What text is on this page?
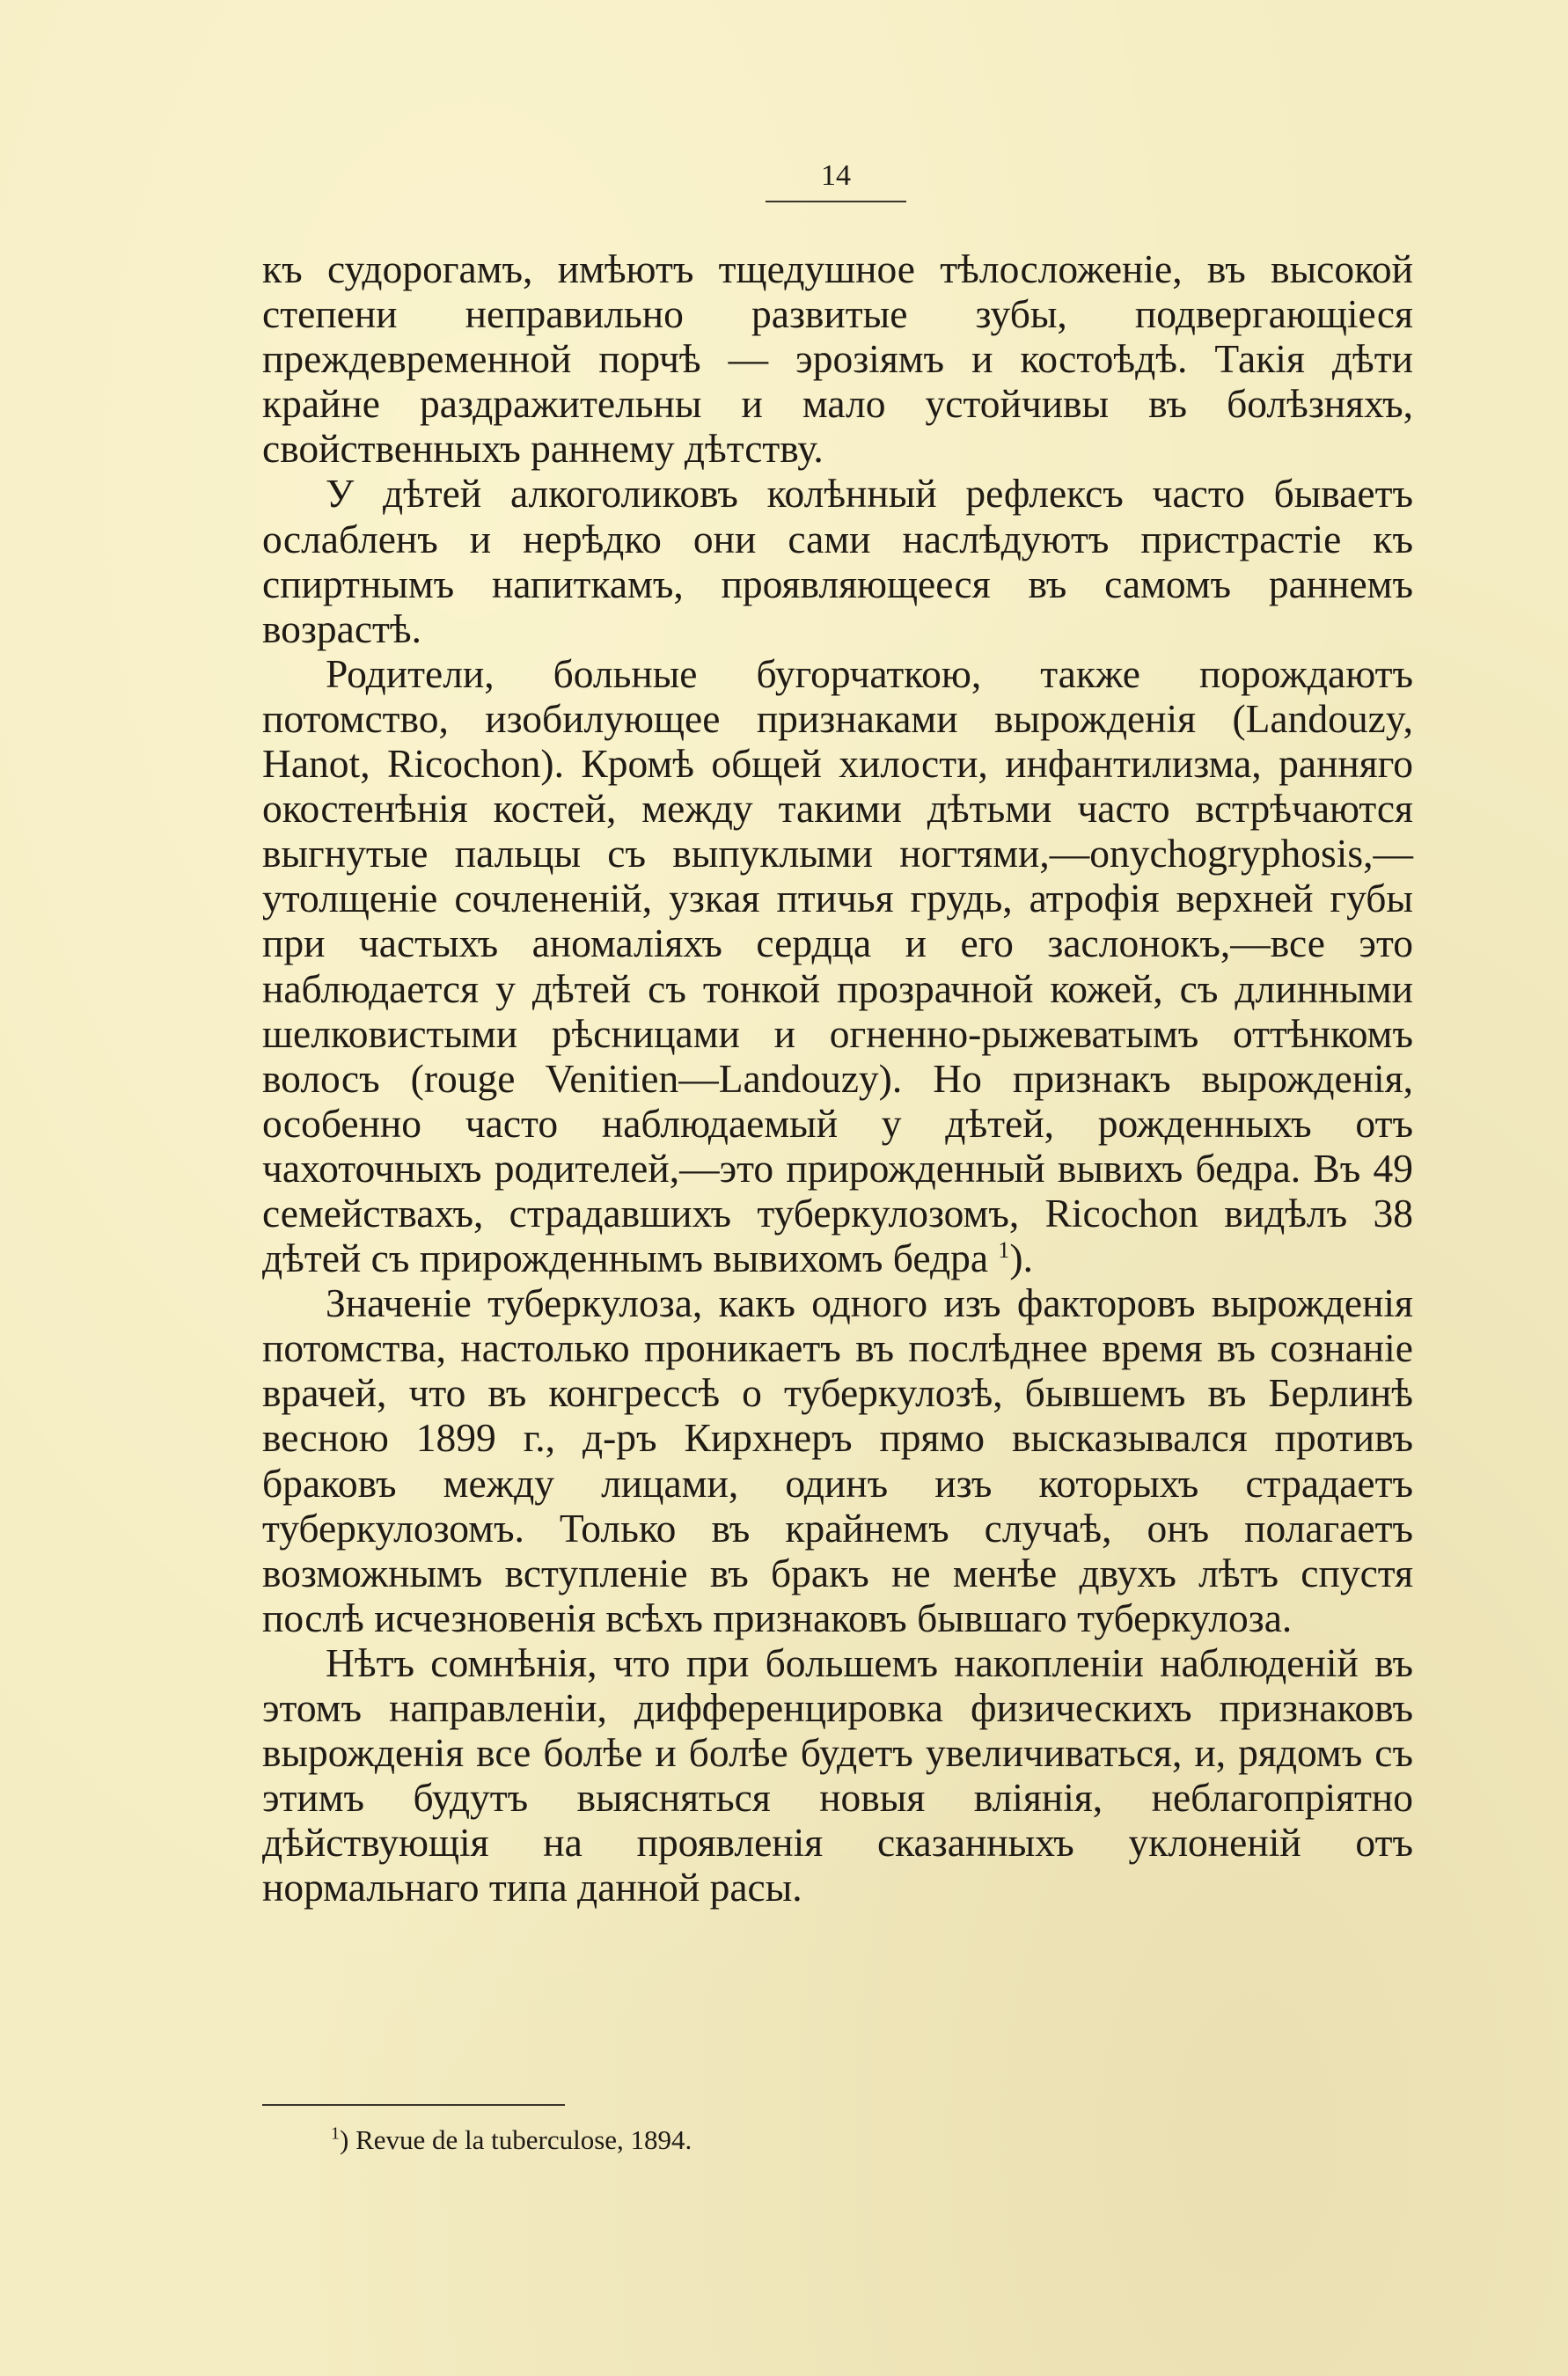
14

къ судорогамъ, имѣютъ тщедушное тѣлосложеніе, въ высокой степени неправильно развитые зубы, подвергающіеся преждевременной порчѣ — эрозіямъ и костоѣдѣ. Такія дѣти крайне раздражительны и мало устойчивы въ болѣзняхъ, свойственныхъ раннему дѣтству.

У дѣтей алкоголиковъ колѣнный рефлексъ часто бываетъ ослабленъ и нерѣдко они сами наслѣдуютъ пристрастіе къ спиртнымъ напиткамъ, проявляющееся въ самомъ раннемъ возрастѣ.

Родители, больные бугорчаткою, также порождаютъ потомство, изобилующее признаками вырожденія (Landouzy, Hanot, Ricochon). Кромѣ общей хилости, инфантилизма, ранняго окостенѣнія костей, между такими дѣтьми часто встрѣчаются выгнутые пальцы съ выпуклыми ногтями,—onychogryphosis,—утолщеніе сочлененій, узкая птичья грудь, атрофія верхней губы при частыхъ аномаліяхъ сердца и его заслонокъ,—все это наблюдается у дѣтей съ тонкой прозрачной кожей, съ длинными шелковистыми рѣсницами и огненно-рыжеватымъ оттѣнкомъ волосъ (rouge Venitien—Landouzy). Но признакъ вырожденія, особенно часто наблюдаемый у дѣтей, рожденныхъ отъ чахоточныхъ родителей,—это прирожденный вывихъ бедра. Въ 49 семействахъ, страдавшихъ туберкулозомъ, Ricochon видѣлъ 38 дѣтей съ прирожденнымъ вывихомъ бедра $^1$).

Значеніе туберкулоза, какъ одного изъ факторовъ вырожденія потомства, настолько проникаетъ въ послѣднее время въ сознаніе врачей, что въ конгрессѣ о туберкулозѣ, бывшемъ въ Берлинѣ весною 1899 г., д-ръ Кирхнеръ прямо высказывался противъ браковъ между лицами, одинъ изъ которыхъ страдаетъ туберкулозомъ. Только въ крайнемъ случаѣ, онъ полагаетъ возможнымъ вступленіе въ бракъ не менѣе двухъ лѣтъ спустя послѣ исчезновенія всѣхъ признаковъ бывшаго туберкулоза.

Нѣтъ сомнѣнія, что при большемъ накопленіи наблюденій въ этомъ направленіи, дифференцировка физическихъ признаковъ вырожденія все болѣе и болѣе будетъ увеличиваться, и, рядомъ съ этимъ будутъ выясняться новыя вліянія, неблагопріятно дѣйствующія на проявленія сказанныхъ уклоненій отъ нормальнаго типа данной расы.

$^1$) Revue de la tuberculose, 1894.
